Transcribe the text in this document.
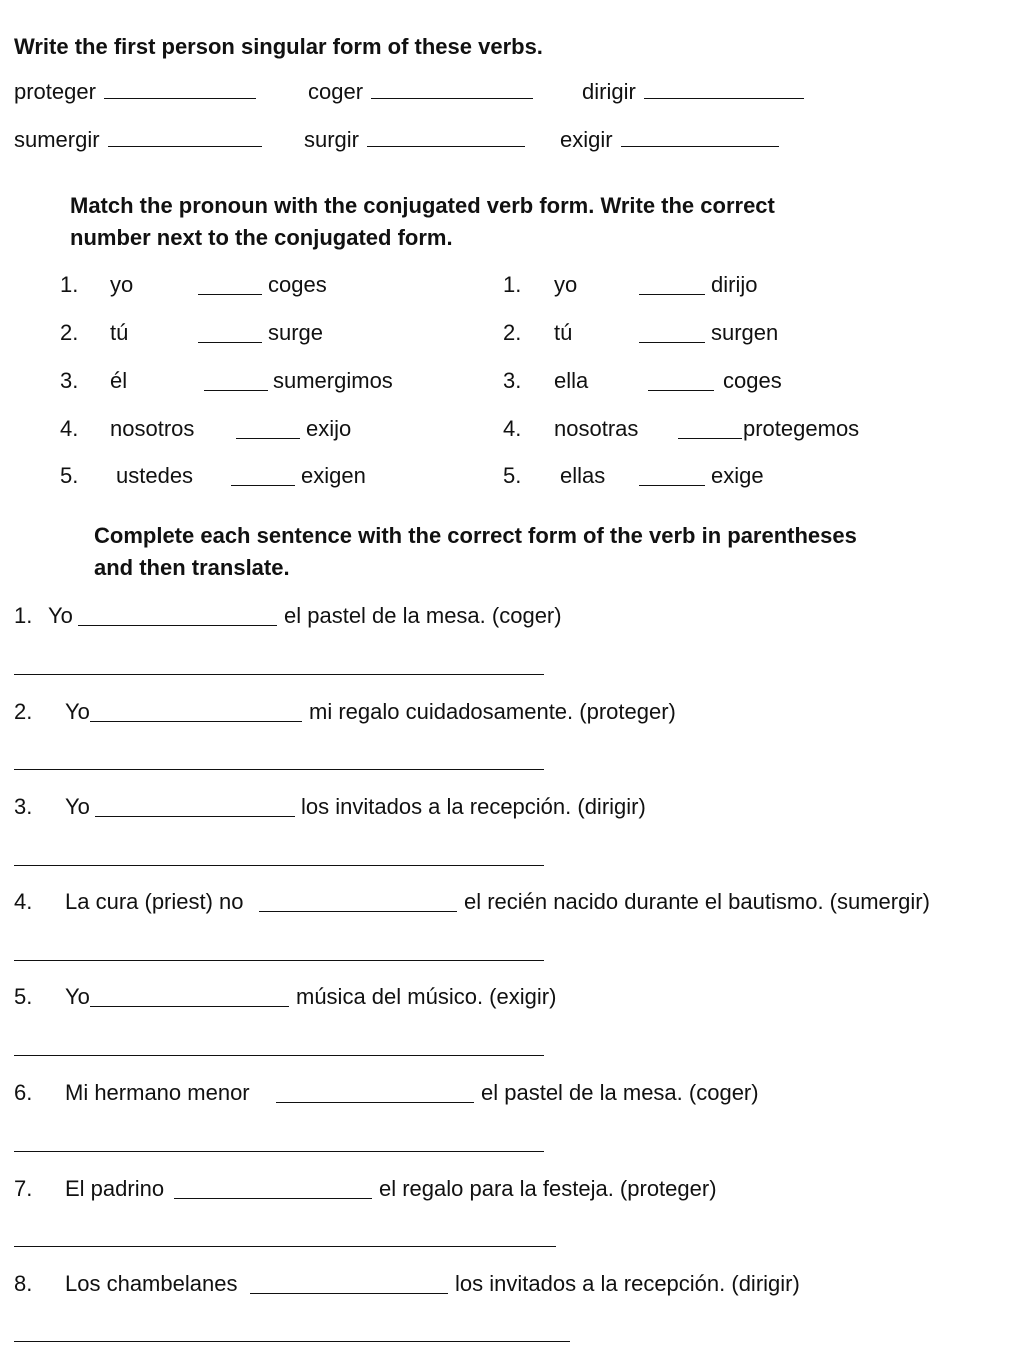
Write the first person singular form of these verbs.
proteger	coger	dirigir
sumergir	surgir	exigir
Match the pronoun with the conjugated verb form. Write the correct
number next to the conjugated form.
1. yo	coges
2. tú	surge
3. él	sumergimos
4. nosotros	exijo
5. ustedes	exigen
1. yo	dirijo
2. tú	surgen
3. ella	coges
4. nosotras	protegemos
5. ellas	exige
Complete each sentence with the correct form of the verb in parentheses
and then translate.
1. Yo	el pastel de la mesa. (coger)
2. Yo	mi regalo cuidadosamente. (proteger)
3. Yo	los invitados a la recepción. (dirigir)
4. La cura (priest) no	el recién nacido durante el bautismo. (sumergir)
5. Yo	música del músico. (exigir)
6. Mi hermano menor	el pastel de la mesa. (coger)
7. El padrino	el regalo para la festeja. (proteger)
8. Los chambelanes	los invitados a la recepción. (dirigir)
